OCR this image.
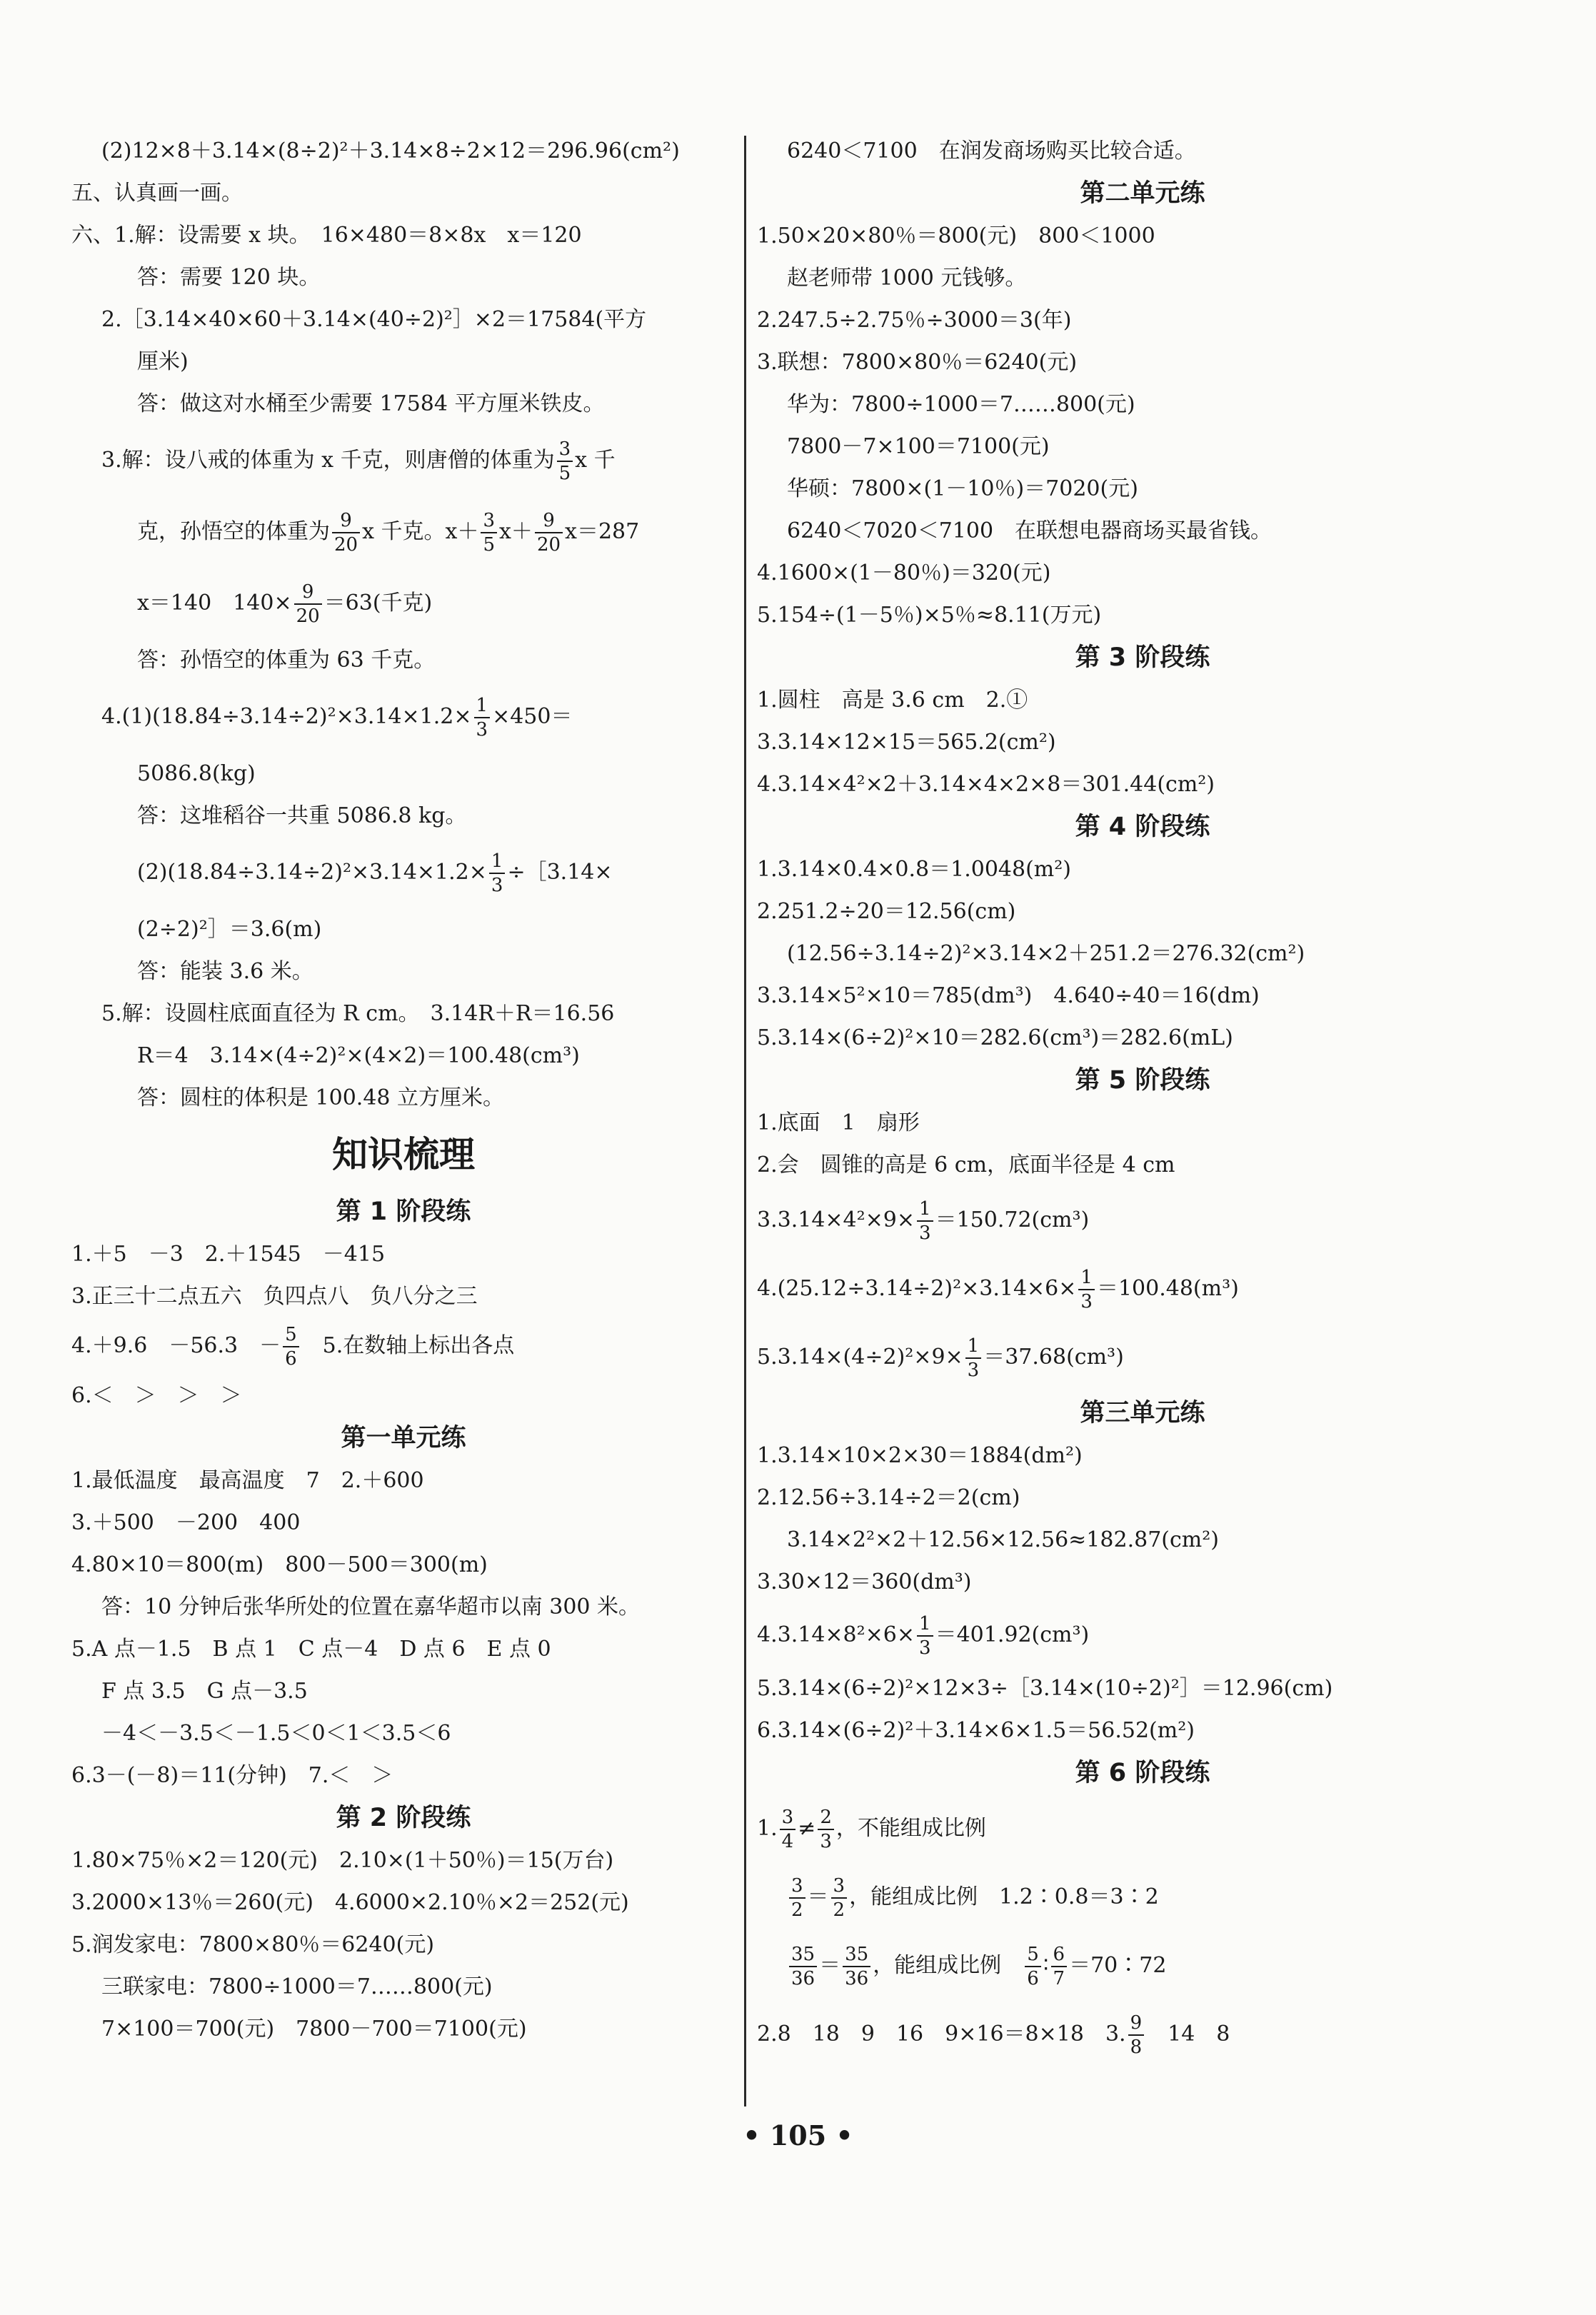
(2)12×8＋3.14×(8÷2)²＋3.14×8÷2×12＝296.96(cm²)
五、认真画一画。
六、1.解：设需要 x 块。　16×480＝8×8x　x＝120
答：需要 120 块。
2.［3.14×40×60＋3.14×(40÷2)²］×2＝17584(平方
厘米)
答：做这对水桶至少需要 17584 平方厘米铁皮。
3.解：设八戒的体重为 x 千克，则唐僧的体重为 $\frac{3}{5}$ x 千
克，孙悟空的体重为 $\frac{9}{20}$ x 千克。$x+ \frac{3}{5} x+ \frac{9}{20} x=287$
x＝140　$140\times \frac{9}{20} =63$(千克)
答：孙悟空的体重为 63 千克。
$4.(1)(18.84\div 3.14\div 2)^2\times 3.14\times 1.2\times \frac{1}{3} \times 450=$
5086.8(kg)
答：这堆稻谷一共重 5086.8 kg。
$(2)(18.84\div 3.14\div 2)^2\times 3.14\times 1.2\times \frac{1}{3}$ ÷［3.14×
(2÷2)²］＝3.6(m)
答：能装 3.6 米。
5.解：设圆柱底面直径为 R cm。　3.14R＋R＝16.56
R＝4　3.14×(4÷2)²×(4×2)＝100.48(cm³)
答：圆柱的体积是 100.48 立方厘米。
知识梳理
第 1 阶段练
1.＋5　－3　2.＋1545　－415
3.正三十二点五六　负四点八　负八分之三
4.＋9.6　－56.3　－ $\frac{5}{6}$ 　5.在数轴上标出各点
6.＜　＞　＞　＞
第一单元练
1.最低温度　最高温度　7　2.＋600
3.＋500　－200　400
4.80×10＝800(m)　800－500＝300(m)
答：10 分钟后张华所处的位置在嘉华超市以南 300 米。
5.A 点－1.5　B 点 1　C 点－4　D 点 6　E 点 0
F 点 3.5　G 点－3.5
－4＜－3.5＜－1.5＜0＜1＜3.5＜6
6.3－(－8)＝11(分钟)　7.＜　＞
第 2 阶段练
1.80×75％×2＝120(元)　2.10×(1＋50％)＝15(万台)
3.2000×13％＝260(元)　4.6000×2.10％×2＝252(元)
5.润发家电：7800×80％＝6240(元)
三联家电：7800÷1000＝7……800(元)
7×100＝700(元)　7800－700＝7100(元)
6240＜7100　在润发商场购买比较合适。
第二单元练
1.50×20×80％＝800(元)　800＜1000
赵老师带 1000 元钱够。
2.247.5÷2.75％÷3000＝3(年)
3.联想：7800×80％＝6240(元)
华为：7800÷1000＝7……800(元)
7800－7×100＝7100(元)
华硕：7800×(1－10％)＝7020(元)
6240＜7020＜7100　在联想电器商场买最省钱。
4.1600×(1－80％)＝320(元)
5.154÷(1－5％)×5％≈8.11(万元)
第 3 阶段练
1.圆柱　高是 3.6 cm　2.①
3.3.14×12×15＝565.2(cm²)
4.3.14×4²×2＋3.14×4×2×8＝301.44(cm²)
第 4 阶段练
1.3.14×0.4×0.8＝1.0048(m²)
2.251.2÷20＝12.56(cm)
(12.56÷3.14÷2)²×3.14×2＋251.2＝276.32(cm²)
3.3.14×5²×10＝785(dm³)　4.640÷40＝16(dm)
5.3.14×(6÷2)²×10＝282.6(cm³)＝282.6(mL)
第 5 阶段练
1.底面　1　扇形
2.会　圆锥的高是 6 cm，底面半径是 4 cm
$3.3.14\times 4^2\times 9\times \frac{1}{3} =150.72(cm^3)$
$4.(25.12\div 3.14\div 2)^2\times 3.14\times 6\times \frac{1}{3} =100.48(m^3)$
$5.3.14\times(4\div 2)^2\times 9\times \frac{1}{3} =37.68(cm^3)$
第三单元练
1.3.14×10×2×30＝1884(dm²)
2.12.56÷3.14÷2＝2(cm)
3.14×2²×2＋12.56×12.56≈182.87(cm²)
3.30×12＝360(dm³)
$4.3.14\times 8^2\times 6\times \frac{1}{3} =401.92(cm^3)$
5.3.14×(6÷2)²×12×3÷［3.14×(10÷2)²］＝12.96(cm)
6.3.14×(6÷2)²＋3.14×6×1.5＝56.52(m²)
第 6 阶段练
1. $\frac{3}{4} \ne \frac{2}{3}$ ，不能组成比例
$\frac{3}{2} = \frac{3}{2}$ ，能组成比例　1.2∶0.8＝3∶2
$\frac{35}{36} = \frac{35}{36}$ ，能组成比例　 $\frac{5}{6}$ ∶ $\frac{6}{7}$ ＝70∶72
2.8　18　9　16　9×16＝8×18　3. $\frac{9}{8}$ 　14　8
• 105 •
